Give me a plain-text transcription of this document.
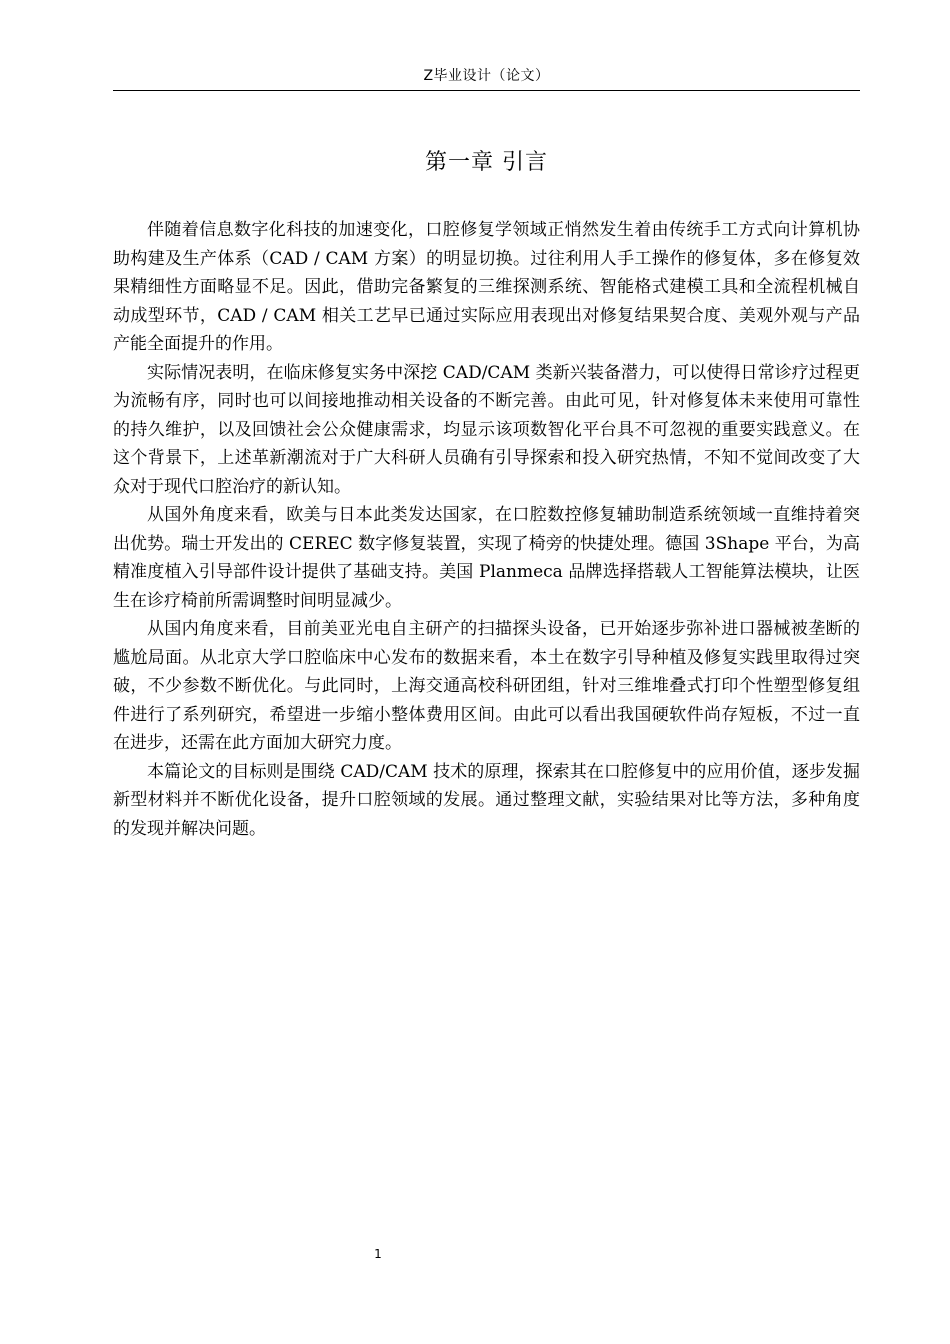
Z毕业设计（论文）
第一章 引言

伴随着信息数字化科技的加速变化，口腔修复学领域正悄然发生着由传统手工方式向计算机协助构建及生产体系（CAD / CAM 方案）的明显切换。过往利用人手工操作的修复体，多在修复效果精细性方面略显不足。因此，借助完备繁复的三维探测系统、智能格式建模工具和全流程机械自动成型环节，CAD / CAM 相关工艺早已通过实际应用表现出对修复结果契合度、美观外观与产品产能全面提升的作用。

实际情况表明，在临床修复实务中深挖 CAD/CAM 类新兴装备潜力，可以使得日常诊疗过程更为流畅有序，同时也可以间接地推动相关设备的不断完善。由此可见，针对修复体未来使用可靠性的持久维护，以及回馈社会公众健康需求，均显示该项数智化平台具不可忽视的重要实践意义。在这个背景下，上述革新潮流对于广大科研人员确有引导探索和投入研究热情，不知不觉间改变了大众对于现代口腔治疗的新认知。

从国外角度来看，欧美与日本此类发达国家，在口腔数控修复辅助制造系统领域一直维持着突出优势。瑞士开发出的 CEREC 数字修复装置，实现了椅旁的快捷处理。德国 3Shape 平台，为高精准度植入引导部件设计提供了基础支持。美国 Planmeca 品牌选择搭载人工智能算法模块，让医生在诊疗椅前所需调整时间明显减少。

从国内角度来看，目前美亚光电自主研产的扫描探头设备，已开始逐步弥补进口器械被垄断的尴尬局面。从北京大学口腔临床中心发布的数据来看，本土在数字引导种植及修复实践里取得过突破，不少参数不断优化。与此同时，上海交通高校科研团组，针对三维堆叠式打印个性塑型修复组件进行了系列研究，希望进一步缩小整体费用区间。由此可以看出我国硬软件尚存短板，不过一直在进步，还需在此方面加大研究力度。

本篇论文的目标则是围绕 CAD/CAM 技术的原理，探索其在口腔修复中的应用价值，逐步发掘新型材料并不断优化设备，提升口腔领域的发展。通过整理文献，实验结果对比等方法，多种角度的发现并解决问题。

1
